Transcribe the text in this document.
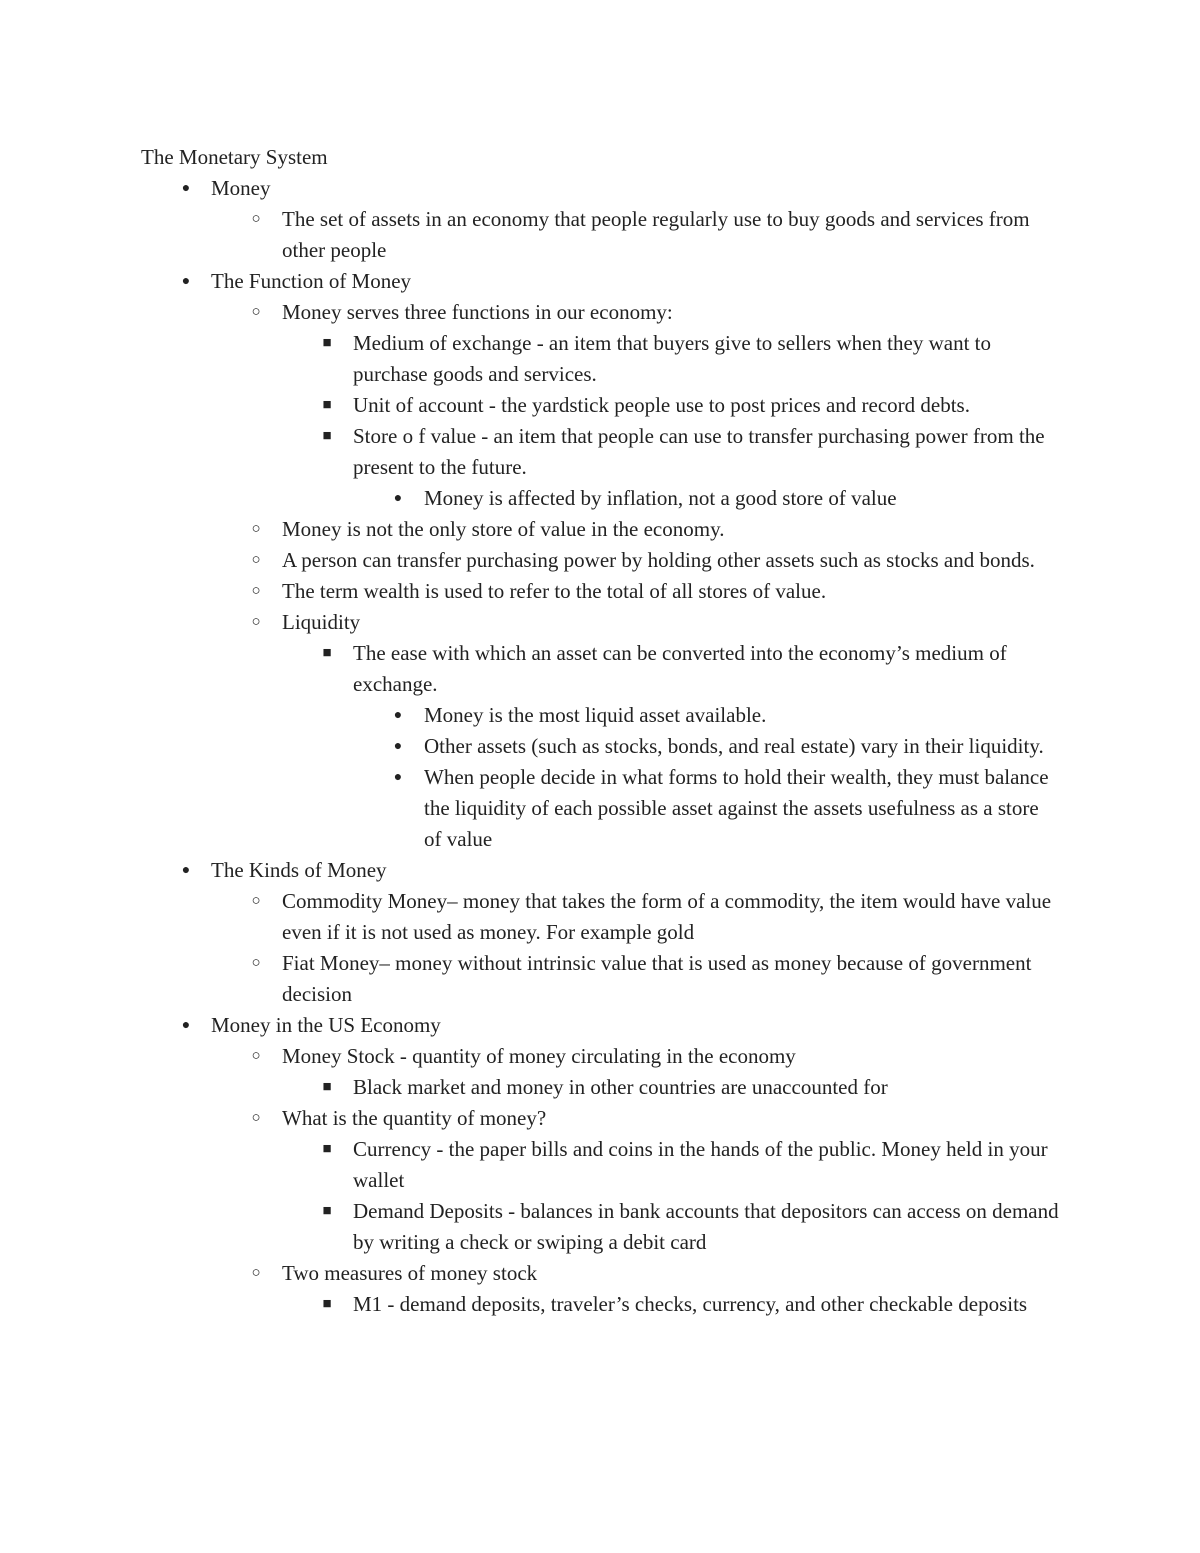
The Monetary System
● Money
○	The set of assets in an economy that people regularly use to buy goods and services from other people
● The Function of Money
○	Money serves three functions in our economy:
■	Medium of exchange - an item that buyers give to sellers when they want to purchase goods and services.
■	Unit of account - the yardstick people use to post prices and record debts.
■	Store o f value - an item that people can use to transfer purchasing power from the present to the future.
●	Money is affected by inflation, not a good store of value
○	Money is not the only store of value in the economy.
○	A person can transfer purchasing power by holding other assets such as stocks and bonds.
○	The term wealth is used to refer to the total of all stores of value.
○	Liquidity
■	The ease with which an asset can be converted into the economy’s medium of exchange.
●	Money is the most liquid asset available.
●	Other assets (such as stocks, bonds, and real estate) vary in their liquidity.
●	When people decide in what forms to hold their wealth, they must balance the liquidity of each possible asset against the assets usefulness as a store of value
● The Kinds of Money
○	Commodity Money– money that takes the form of a commodity, the item would have value even if it is not used as money. For example gold
○	Fiat Money– money without intrinsic value that is used as money because of government decision
● Money in the US Economy
○	Money Stock - quantity of money circulating in the economy
■	Black market and money in other countries are unaccounted for
○	What is the quantity of money?
■	Currency - the paper bills and coins in the hands of the public. Money held in your wallet
■	Demand Deposits - balances in bank accounts that depositors can access on demand by writing a check or swiping a debit card
○	Two measures of money stock
■	M1 - demand deposits, traveler’s checks, currency, and other checkable deposits
